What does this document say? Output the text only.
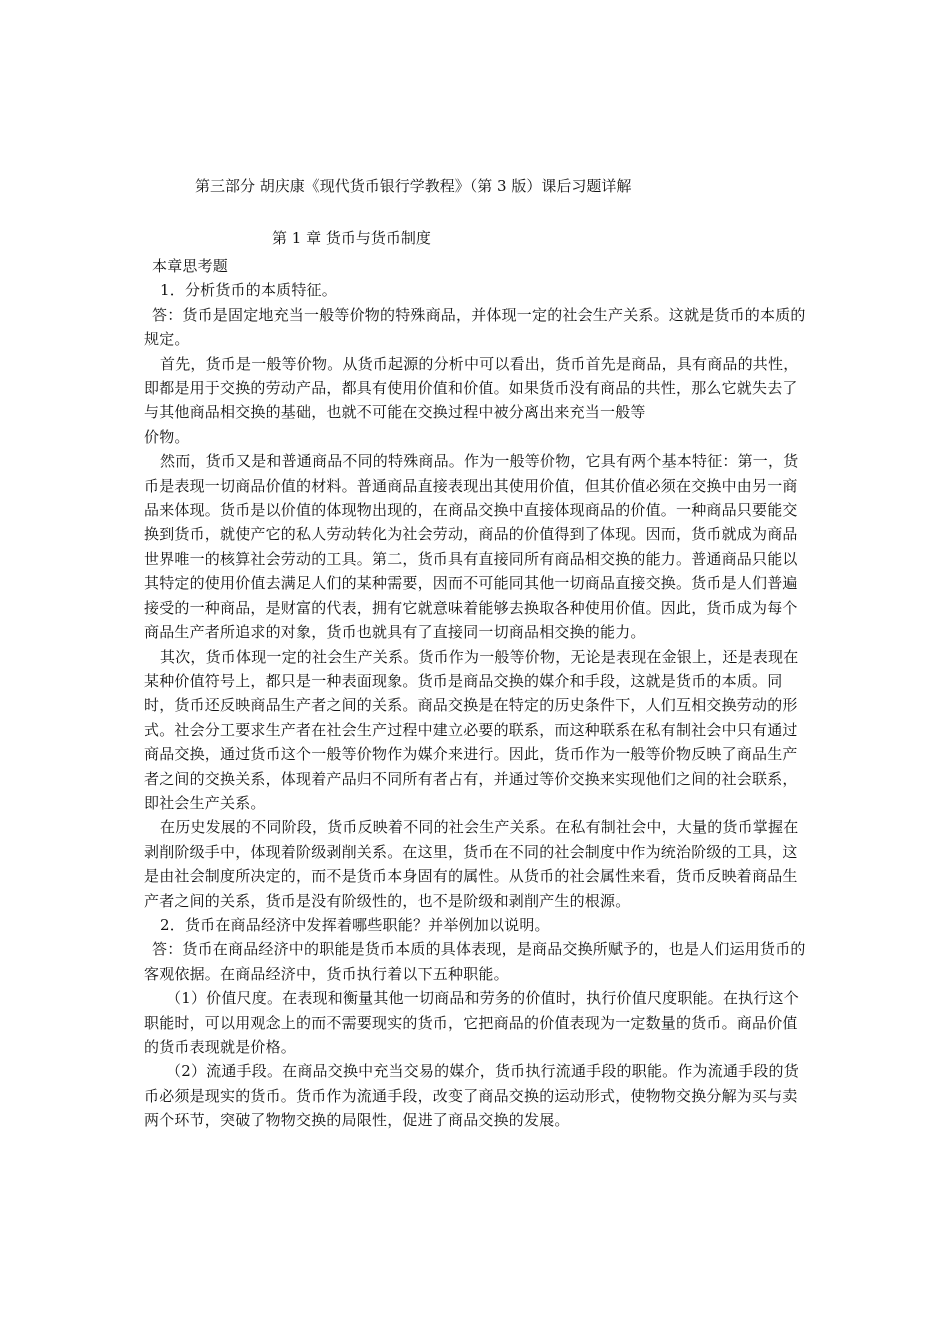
第三部分 胡庆康《现代货币银行学教程》（第 3 版）课后习题详解
第 1 章 货币与货币制度

本章思考题

1．分析货币的本质特征。

答：货币是固定地充当一般等价物的特殊商品，并体现一定的社会生产关系。这就是货币的本质的规定。

首先，货币是一般等价物。从货币起源的分析中可以看出，货币首先是商品，具有商品的共性，即都是用于交换的劳动产品，都具有使用价值和价值。如果货币没有商品的共性，那么它就失去了与其他商品相交换的基础，也就不可能在交换过程中被分离出来充当一般等

价物。

然而，货币又是和普通商品不同的特殊商品。作为一般等价物，它具有两个基本特征：第一，货币是表现一切商品价值的材料。普通商品直接表现出其使用价值，但其价值必须在交换中由另一商品来体现。货币是以价值的体现物出现的，在商品交换中直接体现商品的价值。一种商品只要能交换到货币，就使产它的私人劳动转化为社会劳动，商品的价值得到了体现。因而，货币就成为商品世界唯一的核算社会劳动的工具。第二，货币具有直接同所有商品相交换的能力。普通商品只能以其特定的使用价值去满足人们的某种需要，因而不可能同其他一切商品直接交换。货币是人们普遍接受的一种商品，是财富的代表，拥有它就意味着能够去换取各种使用价值。因此，货币成为每个商品生产者所追求的对象，货币也就具有了直接同一切商品相交换的能力。

其次，货币体现一定的社会生产关系。货币作为一般等价物，无论是表现在金银上，还是表现在某种价值符号上，都只是一种表面现象。货币是商品交换的媒介和手段，这就是货币的本质。同时，货币还反映商品生产者之间的关系。商品交换是在特定的历史条件下，人们互相交换劳动的形式。社会分工要求生产者在社会生产过程中建立必要的联系，而这种联系在私有制社会中只有通过商品交换，通过货币这个一般等价物作为媒介来进行。因此，货币作为一般等价物反映了商品生产者之间的交换关系，体现着产品归不同所有者占有，并通过等价交换来实现他们之间的社会联系，即社会生产关系。

在历史发展的不同阶段，货币反映着不同的社会生产关系。在私有制社会中，大量的货币掌握在剥削阶级手中，体现着阶级剥削关系。在这里，货币在不同的社会制度中作为统治阶级的工具，这是由社会制度所决定的，而不是货币本身固有的属性。从货币的社会属性来看，货币反映着商品生产者之间的关系，货币是没有阶级性的，也不是阶级和剥削产生的根源。

2．货币在商品经济中发挥着哪些职能？并举例加以说明。

答：货币在商品经济中的职能是货币本质的具体表现，是商品交换所赋予的，也是人们运用货币的客观依据。在商品经济中，货币执行着以下五种职能。

（1）价值尺度。在表现和衡量其他一切商品和劳务的价值时，执行价值尺度职能。在执行这个职能时，可以用观念上的而不需要现实的货币，它把商品的价值表现为一定数量的货币。商品价值的货币表现就是价格。

（2）流通手段。在商品交换中充当交易的媒介，货币执行流通手段的职能。作为流通手段的货币必须是现实的货币。货币作为流通手段，改变了商品交换的运动形式，使物物交换分解为买与卖两个环节，突破了物物交换的局限性，促进了商品交换的发展。
